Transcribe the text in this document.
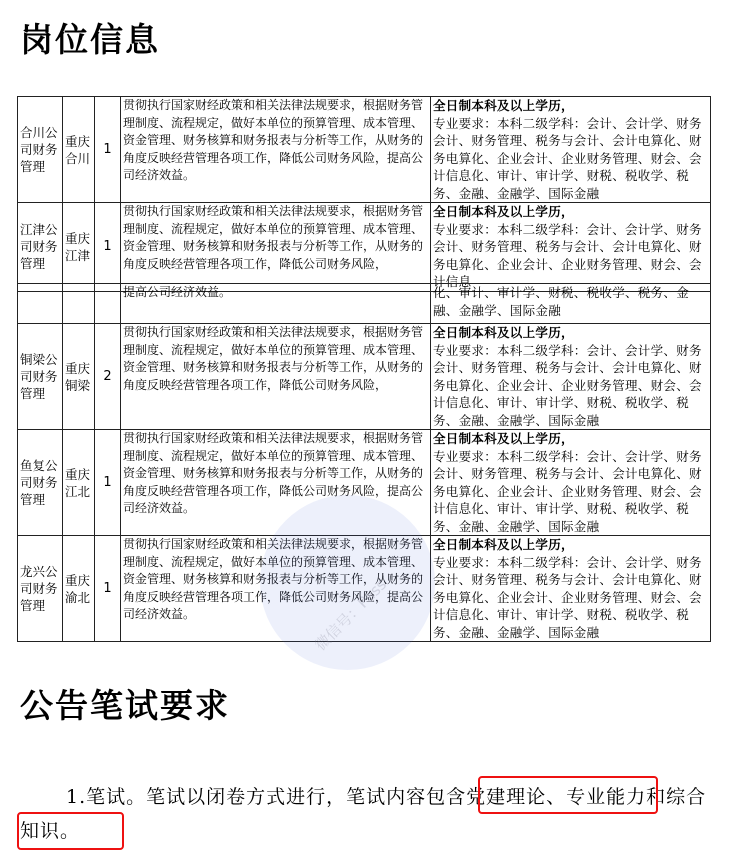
岗位信息
合川公司财务管理	重庆合川	1	贯彻执行国家财经政策和相关法律法规要求，根据财务管理制度、流程规定，做好本单位的预算管理、成本管理、资金管理、财务核算和财务报表与分析等工作，从财务的角度反映经营管理各项工作，降低公司财务风险，提高公司经济效益。	全日制本科及以上学历，
专业要求：本科二级学科：会计、会计学、财务会计、财务管理、税务与会计、会计电算化、财务电算化、企业会计、企业财务管理、财会、会计信息化、审计、审计学、财税、税收学、税务、金融、金融学、国际金融

江津公司财务管理	重庆江津	1	贯彻执行国家财经政策和相关法律法规要求，根据财务管理制度、流程规定，做好本单位的预算管理、成本管理、资金管理、财务核算和财务报表与分析等工作，从财务的角度反映经营管理各项工作，降低公司财务风险，	全日制本科及以上学历，
专业要求：本科二级学科：会计、会计学、财务会计、财务管理、税务与会计、会计电算化、财务电算化、企业会计、企业财务管理、财会、会计信息
			提高公司经济效益。	化、审计、审计学、财税、税收学、税务、金融、金融学、国际金融

铜梁公司财务管理	重庆铜梁	2	贯彻执行国家财经政策和相关法律法规要求，根据财务管理制度、流程规定，做好本单位的预算管理、成本管理、资金管理、财务核算和财务报表与分析等工作，从财务的角度反映经营管理各项工作，降低公司财务风险，	全日制本科及以上学历，
专业要求：本科二级学科：会计、会计学、财务会计、财务管理、税务与会计、会计电算化、财务电算化、企业会计、企业财务管理、财会、会计信息化、审计、审计学、财税、税收学、税务、金融、金融学、国际金融

鱼复公司财务管理	重庆江北	1	贯彻执行国家财经政策和相关法律法规要求，根据财务管理制度、流程规定，做好本单位的预算管理、成本管理、资金管理、财务核算和财务报表与分析等工作，从财务的角度反映经营管理各项工作，降低公司财务风险，提高公司经济效益。	全日制本科及以上学历，
专业要求：本科二级学科：会计、会计学、财务会计、财务管理、税务与会计、会计电算化、财务电算化、企业会计、企业财务管理、财会、会计信息化、审计、审计学、财税、税收学、税务、金融、金融学、国际金融

龙兴公司财务管理	重庆渝北	1	贯彻执行国家财经政策和相关法律法规要求，根据财务管理制度、流程规定，做好本单位的预算管理、成本管理、资金管理、财务核算和财务报表与分析等工作，从财务的角度反映经营管理各项工作，降低公司财务风险，提高公司经济效益。	全日制本科及以上学历，
专业要求：本科二级学科：会计、会计学、财务会计、财务管理、税务与会计、会计电算化、财务电算化、企业会计、企业财务管理、财会、会计信息化、审计、审计学、财税、税收学、税务、金融、金融学、国际金融
微信号：Pass
公告笔试要求
1.笔试。笔试以闭卷方式进行，笔试内容包含党建理论、专业能力和综合知识。
